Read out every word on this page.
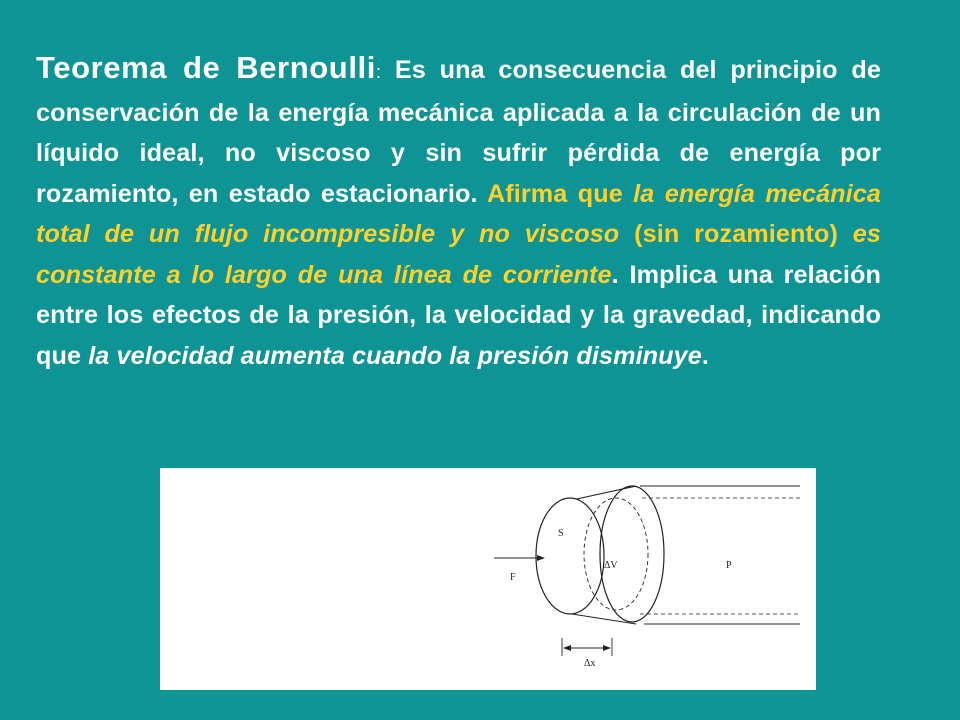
Teorema de Bernoulli: Es una consecuencia del principio de conservación de la energía mecánica aplicada a la circulación de un líquido ideal, no viscoso y sin sufrir pérdida de energía por rozamiento, en estado estacionario. Afirma que la energía mecánica total de un flujo incompresible y no viscoso (sin rozamiento) es constante a lo largo de una línea de corriente. Implica una relación entre los efectos de la presión, la velocidad y la gravedad, indicando que la velocidad aumenta cuando la presión disminuye.

S
F
ΔV	P
Δx
